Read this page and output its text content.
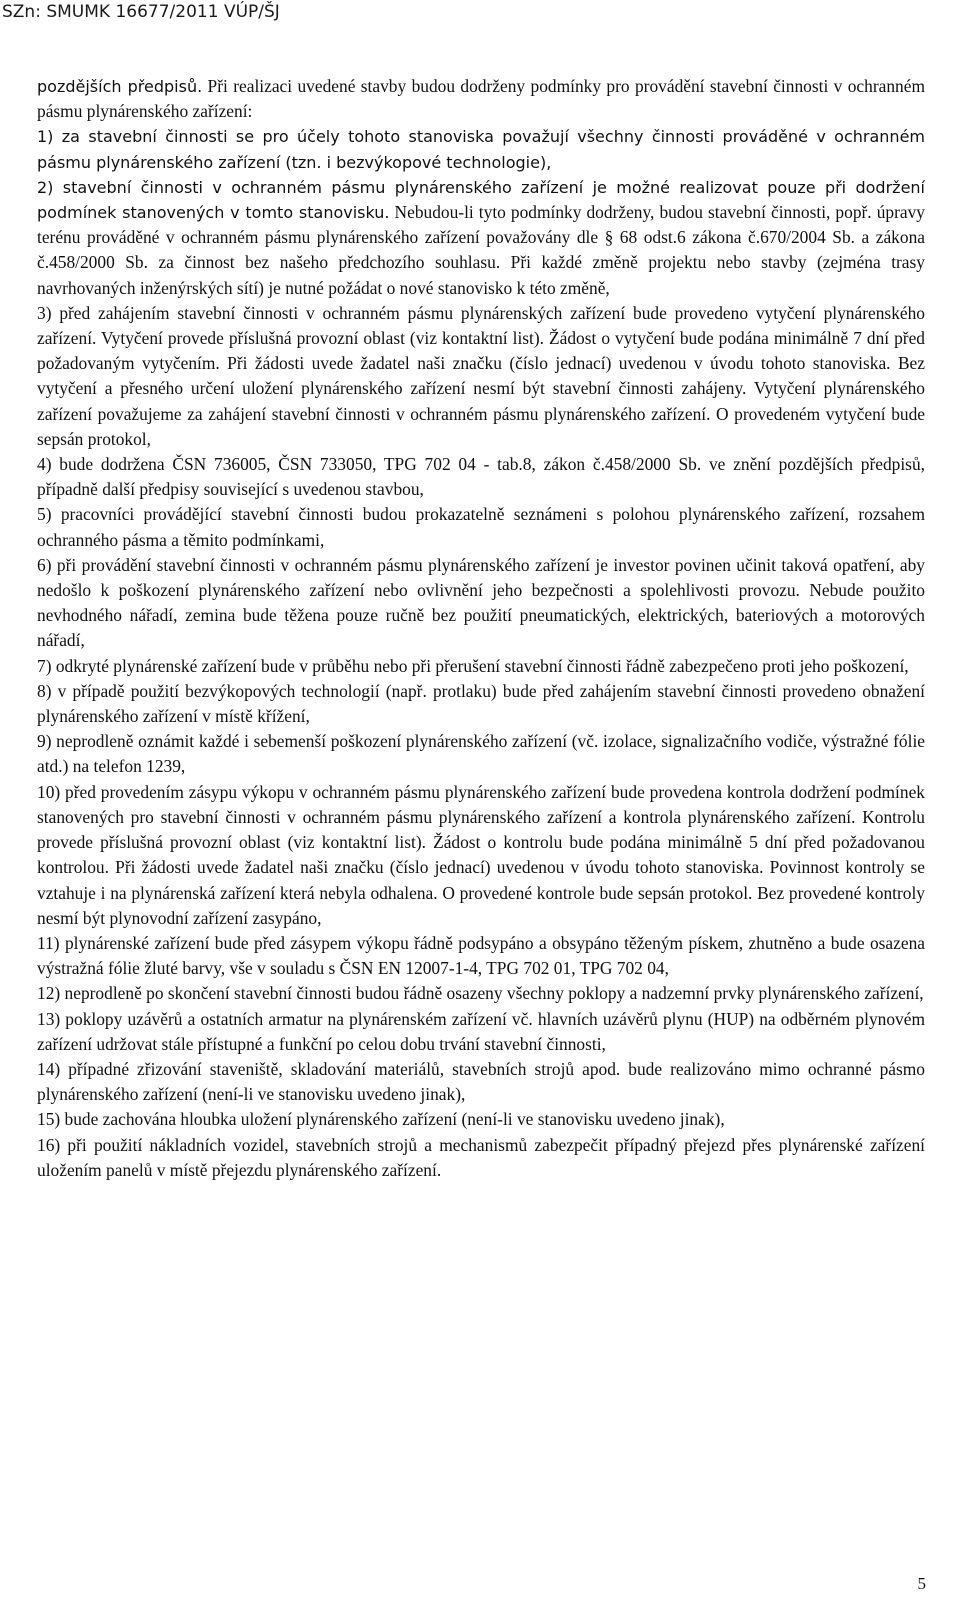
SZn: SMUMK 16677/2011 VÚP/ŠJ

pozdějších předpisů. Při realizaci uvedené stavby budou dodrženy podmínky pro provádění stavební činnosti v ochranném pásmu plynárenského zařízení:

1) za stavební činnosti se pro účely tohoto stanoviska považují všechny činnosti prováděné v ochranném pásmu plynárenského zařízení (tzn. i bezvýkopové technologie),

2) stavební činnosti v ochranném pásmu plynárenského zařízení je možné realizovat pouze při dodržení podmínek stanovených v tomto stanovisku. Nebudou-li tyto podmínky dodrženy, budou stavební činnosti, popř. úpravy terénu prováděné v ochranném pásmu plynárenského zařízení považovány dle § 68 odst.6 zákona č.670/2004 Sb. a zákona č.458/2000 Sb. za činnost bez našeho předchozího souhlasu. Při každé změně projektu nebo stavby (zejména trasy navrhovaných inženýrských sítí) je nutné požádat o nové stanovisko k této změně,

3) před zahájením stavební činnosti v ochranném pásmu plynárenských zařízení bude provedeno vytyčení plynárenského zařízení. Vytyčení provede příslušná provozní oblast (viz kontaktní list). Žádost o vytyčení bude podána minimálně 7 dní před požadovaným vytyčením. Při žádosti uvede žadatel naši značku (číslo jednací) uvedenou v úvodu tohoto stanoviska. Bez vytyčení a přesného určení uložení plynárenského zařízení nesmí být stavební činnosti zahájeny. Vytyčení plynárenského zařízení považujeme za zahájení stavební činnosti v ochranném pásmu plynárenského zařízení. O provedeném vytyčení bude sepsán protokol,

4) bude dodržena ČSN 736005, ČSN 733050, TPG 702 04 - tab.8, zákon č.458/2000 Sb. ve znění pozdějších předpisů, případně další předpisy související s uvedenou stavbou,

5) pracovníci provádějící stavební činnosti budou prokazatelně seznámeni s polohou plynárenského zařízení, rozsahem ochranného pásma a těmito podmínkami,

6) při provádění stavební činnosti v ochranném pásmu plynárenského zařízení je investor povinen učinit taková opatření, aby nedošlo k poškození plynárenského zařízení nebo ovlivnění jeho bezpečnosti a spolehlivosti provozu. Nebude použito nevhodného nářadí, zemina bude těžena pouze ručně bez použití pneumatických, elektrických, bateriových a motorových nářadí,

7) odkryté plynárenské zařízení bude v průběhu nebo při přerušení stavební činnosti řádně zabezpečeno proti jeho poškození,

8) v případě použití bezvýkopových technologií (např. protlaku) bude před zahájením stavební činnosti provedeno obnažení plynárenského zařízení v místě křížení,

9) neprodleně oznámit každé i sebemenší poškození plynárenského zařízení (vč. izolace, signalizačního vodiče, výstražné fólie atd.) na telefon 1239,

10) před provedením zásypu výkopu v ochranném pásmu plynárenského zařízení bude provedena kontrola dodržení podmínek stanovených pro stavební činnosti v ochranném pásmu plynárenského zařízení a kontrola plynárenského zařízení. Kontrolu provede příslušná provozní oblast (viz kontaktní list). Žádost o kontrolu bude podána minimálně 5 dní před požadovanou kontrolou. Při žádosti uvede žadatel naši značku (číslo jednací) uvedenou v úvodu tohoto stanoviska. Povinnost kontroly se vztahuje i na plynárenská zařízení která nebyla odhalena. O provedené kontrole bude sepsán protokol. Bez provedené kontroly nesmí být plynovodní zařízení zasypáno,

11) plynárenské zařízení bude před zásypem výkopu řádně podsypáno a obsypáno těženým pískem, zhutněno a bude osazena výstražná fólie žluté barvy, vše v souladu s ČSN EN 12007-1-4, TPG 702 01, TPG 702 04,

12) neprodleně po skončení stavební činnosti budou řádně osazeny všechny poklopy a nadzemní prvky plynárenského zařízení,

13) poklopy uzávěrů a ostatních armatur na plynárenském zařízení vč. hlavních uzávěrů plynu (HUP) na odběrném plynovém zařízení udržovat stále přístupné a funkční po celou dobu trvání stavební činnosti,

14) případné zřizování staveniště, skladování materiálů, stavebních strojů apod. bude realizováno mimo ochranné pásmo plynárenského zařízení (není-li ve stanovisku uvedeno jinak),

15) bude zachována hloubka uložení plynárenského zařízení (není-li ve stanovisku uvedeno jinak),

16) při použití nákladních vozidel, stavebních strojů a mechanismů zabezpečit případný přejezd přes plynárenské zařízení uložením panelů v místě přejezdu plynárenského zařízení.

5
